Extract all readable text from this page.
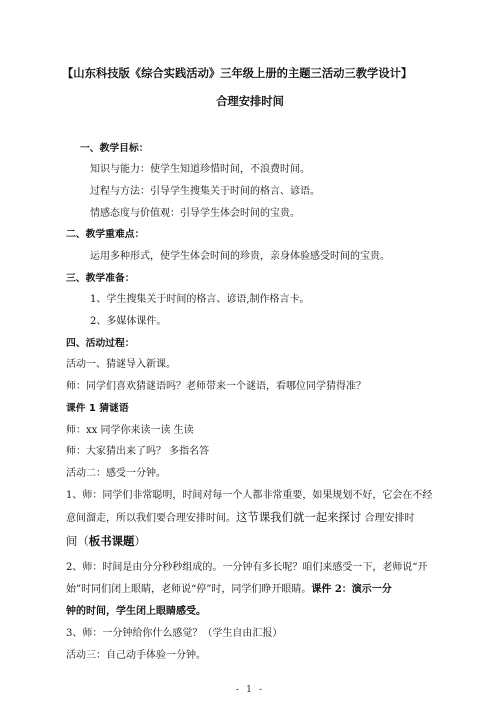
【山东科技版《综合实践活动》三年级上册的主题三活动三教学设计】
合理安排时间
一、教学目标：
知识与能力：使学生知道珍惜时间，不浪费时间。
过程与方法：引导学生搜集关于时间的格言、谚语。
情感态度与价值观：引导学生体会时间的宝贵。
二、教学重难点：
运用多种形式，使学生体会时间的珍贵，亲身体验感受时间的宝贵。
三、教学准备：
1、学生搜集关于时间的格言、谚语,制作格言卡。
2、多媒体课件。
四、活动过程：
活动一、猜谜导入新课。
师：同学们喜欢猜谜语吗？老师带来一个谜语，看哪位同学猜得准？
课件 1 猜谜语
师：xx 同学你来读一读 生读
师：大家猜出来了吗？ 多指名答
活动二：感受一分钟。
1、师：同学们非常聪明，时间对每一个人都非常重要，如果规划不好，它会在不经
意间溜走，所以我们要合理安排时间。这节课我们就一起来探讨 合理安排时
间（板书课题）
2、师：时间是由分分秒秒组成的。一分钟有多长呢？咱们来感受一下，老师说“开
始”时同们闭上眼睛，老师说“停”时，同学们睁开眼睛。课件 2：演示一分
钟的时间，学生闭上眼睛感受。
3、师：一分钟给你什么感觉？（学生自由汇报）
活动三：自己动手体验一分钟。
- 1 -
